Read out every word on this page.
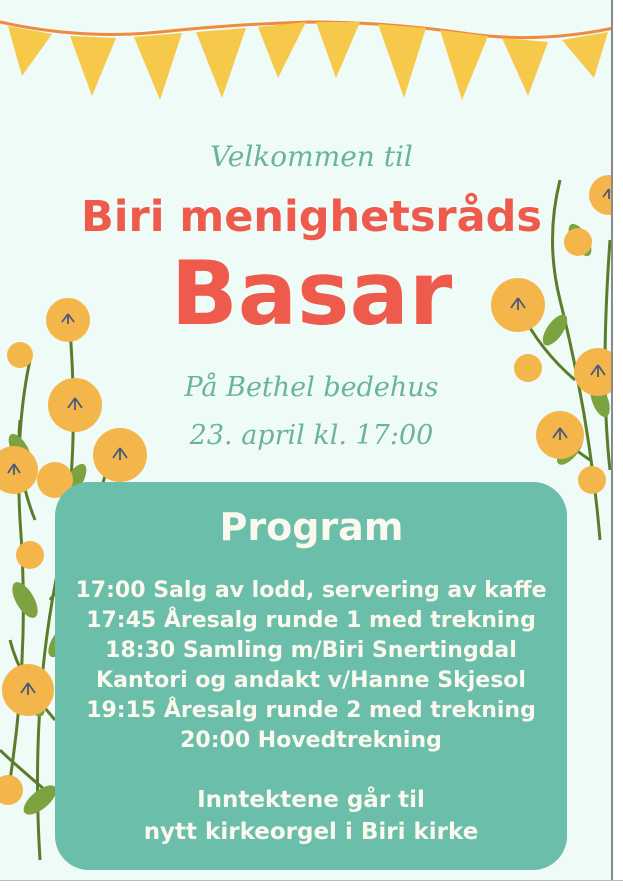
Velkommen til
Biri menighetsråds
Basar
På Bethel bedehus
23. april kl. 17:00
Program
17:00 Salg av lodd, servering av kaffe
17:45 Åresalg runde 1 med trekning
18:30 Samling m/Biri Snertingdal
Kantori og andakt v/Hanne Skjesol
19:15 Åresalg runde 2 med trekning
20:00 Hovedtrekning
Inntektene går til
nytt kirkeorgel i Biri kirke
